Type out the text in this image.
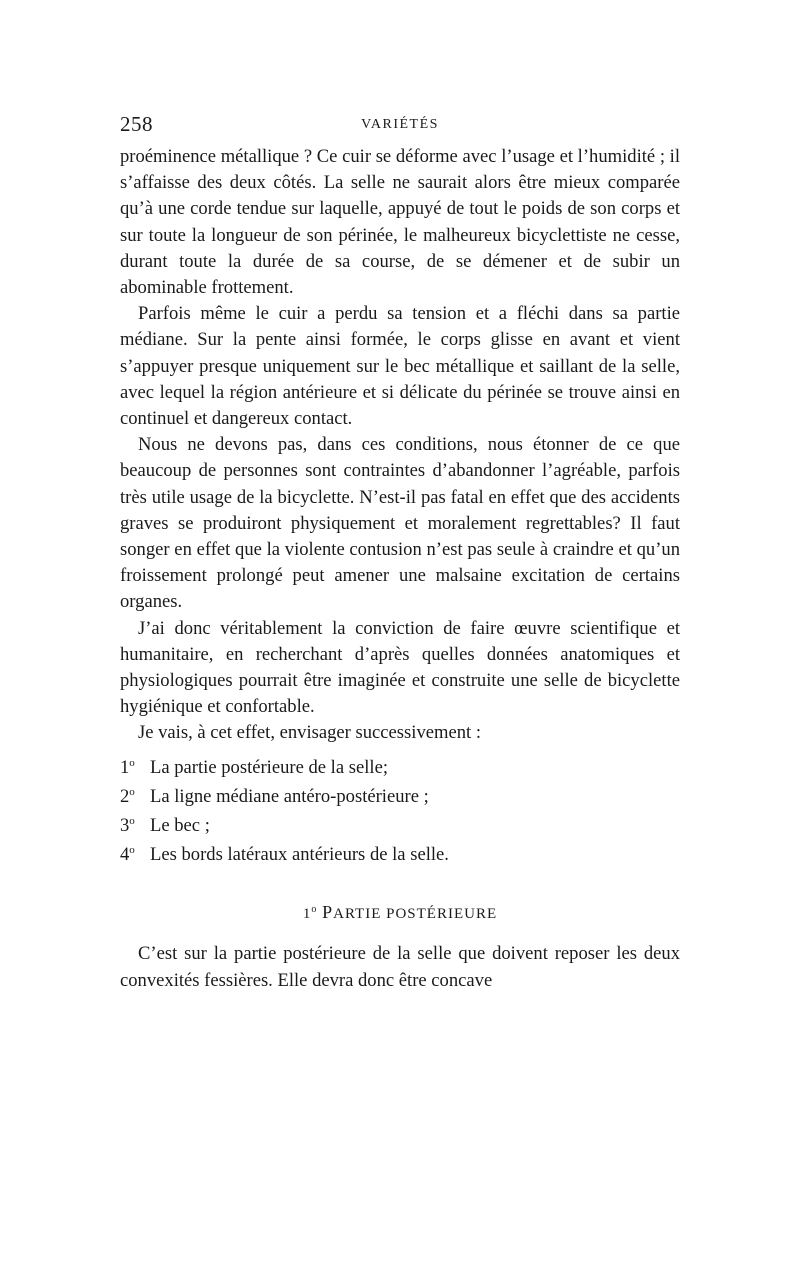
258	VARIÉTÉS

proéminence métallique ? Ce cuir se déforme avec l’usage et l’humidité ; il s’affaisse des deux côtés. La selle ne saurait alors être mieux comparée qu’à une corde tendue sur laquelle, appuyé de tout le poids de son corps et sur toute la longueur de son périnée, le malheureux bicyclettiste ne cesse, durant toute la durée de sa course, de se démener et de subir un abominable frottement.

Parfois même le cuir a perdu sa tension et a fléchi dans sa partie médiane. Sur la pente ainsi formée, le corps glisse en avant et vient s’appuyer presque uniquement sur le bec métallique et saillant de la selle, avec lequel la région antérieure et si délicate du périnée se trouve ainsi en continuel et dangereux contact.

Nous ne devons pas, dans ces conditions, nous étonner de ce que beaucoup de personnes sont contraintes d’abandonner l’agréable, parfois très utile usage de la bicyclette. N’est-il pas fatal en effet que des accidents graves se produiront physiquement et moralement regrettables? Il faut songer en effet que la violente contusion n’est pas seule à craindre et qu’un froissement prolongé peut amener une malsaine excitation de certains organes.

J’ai donc véritablement la conviction de faire œuvre scientifique et humanitaire, en recherchant d’après quelles données anatomiques et physiologiques pourrait être imaginée et construite une selle de bicyclette hygiénique et confortable.

Je vais, à cet effet, envisager successivement :

1$^o$ La partie postérieure de la selle;
2$^o$ La ligne médiane antéro-postérieure ;
3$^o$ Le bec ;
4$^o$ Les bords latéraux antérieurs de la selle.
1$^o$ PARTIE POSTÉRIEURE

C’est sur la partie postérieure de la selle que doivent reposer les deux convexités fessières. Elle devra donc être concave
